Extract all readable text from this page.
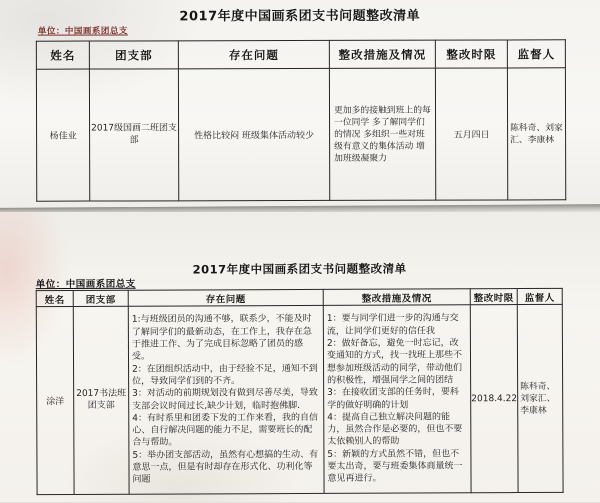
2017年度中国画系团支书问题整改清单
单位：中国画系团总支
姓名	团支部	存在问题	整改措施及情况	整改时限	监督人
杨佳业	2017级国画二班团支部	性格比较闷 班级集体活动较少	更加多的接触到班上的每一位同学 多了解同学们的情况 多组织一些对班级有意义的集体活动 增加班级凝聚力	五月四日	陈科奇、刘家汇、李康林
2017年度中国画系团支书问题整改清单
单位：中国画系团总支
姓名	团支部	存在问题	整改措施及情况	整改时限	监督人
涂洋	2017书法班团支部	1:与班级团员的沟通不够，联系少，不能及时了解同学们的最新动态，在工作上，我存在急于推进工作、为了完成目标忽略了团员的感受。
2：在团组织活动中，由于经验不足，通知不到位，导致同学们到的不齐。
3：对活动的前期规划没有做到尽善尽美，导致支部会议时间过长,缺少计划，临时抱佛脚.
4：有时系里和团委下发的工作来看，我的自信心、自行解决问题的能力不足，需要班长的配合与帮助。
5：举办团支部活动，虽然有心想搞的生动、有意思一点，但是有时却存在形式化、功利化等问题	1：要与同学们进一步的沟通与交流，让同学们更好的信任我
2：做好备忘，避免一时忘记，改变通知的方式，找一找班上那些不想参加班级活动的同学，带动他们的积极性，增强同学之间的团结
3：在接收团支部的任务时，要科学的做好明确的计划
4：提高自己独立解决问题的能力，虽然合作是必要的，但也不要太依赖别人的帮助
5：新颖的方式虽然不错，但也不要太出奇，要与班委集体商量统一意见再进行。	2018.4.22	陈科奇、刘家汇、李康林
